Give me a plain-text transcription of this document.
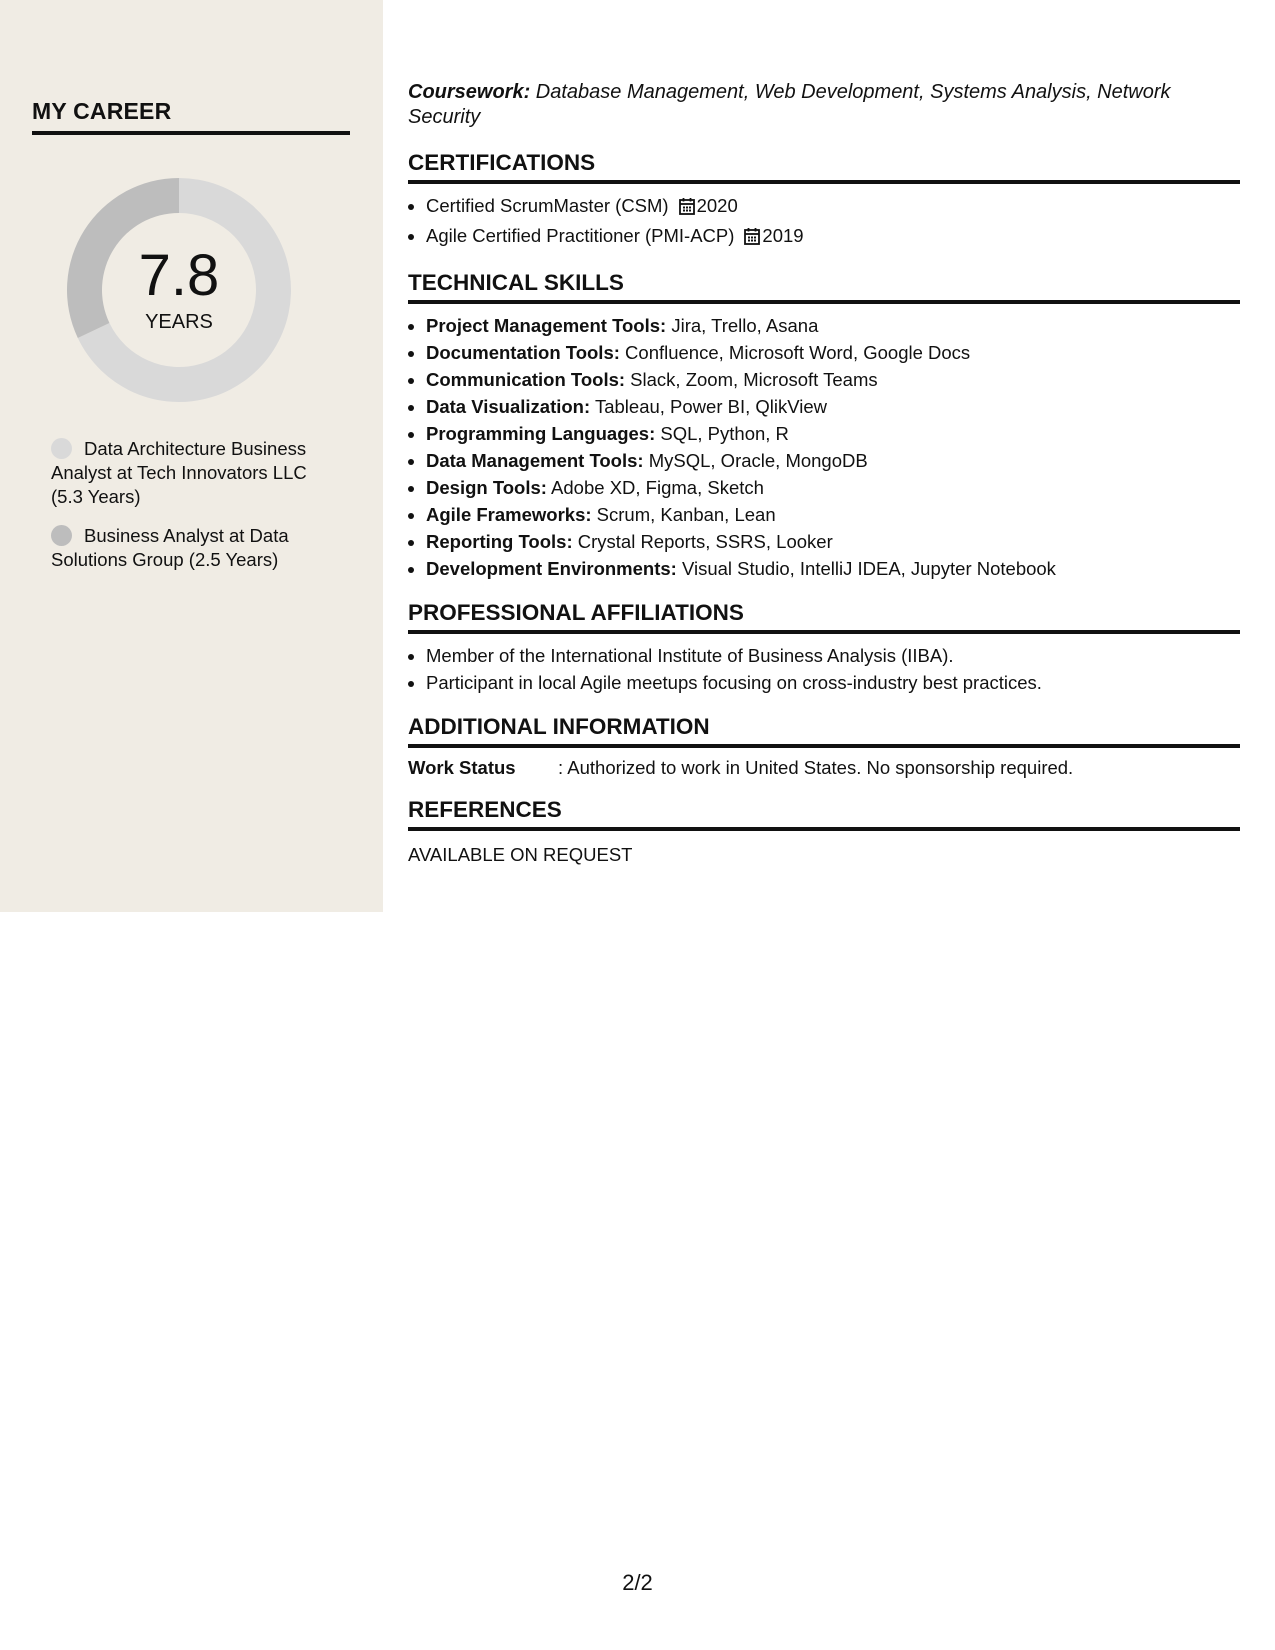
MY CAREER
7.8
YEARS
Data Architecture Business Analyst at Tech Innovators LLC (5.3 Years)
Business Analyst at Data Solutions Group (2.5 Years)

Coursework: Database Management, Web Development, Systems Analysis, Network Security

CERTIFICATIONS
• Certified ScrumMaster (CSM) 2020
• Agile Certified Practitioner (PMI-ACP) 2019
TECHNICAL SKILLS
• Project Management Tools: Jira, Trello, Asana
• Documentation Tools: Confluence, Microsoft Word, Google Docs
• Communication Tools: Slack, Zoom, Microsoft Teams
• Data Visualization: Tableau, Power BI, QlikView
• Programming Languages: SQL, Python, R
• Data Management Tools: MySQL, Oracle, MongoDB
• Design Tools: Adobe XD, Figma, Sketch
• Agile Frameworks: Scrum, Kanban, Lean
• Reporting Tools: Crystal Reports, SSRS, Looker
• Development Environments: Visual Studio, IntelliJ IDEA, Jupyter Notebook
PROFESSIONAL AFFILIATIONS
• Member of the International Institute of Business Analysis (IIBA).
• Participant in local Agile meetups focusing on cross-industry best practices.
ADDITIONAL INFORMATION
Work Status	: Authorized to work in United States. No sponsorship required.
REFERENCES

AVAILABLE ON REQUEST

2/2
